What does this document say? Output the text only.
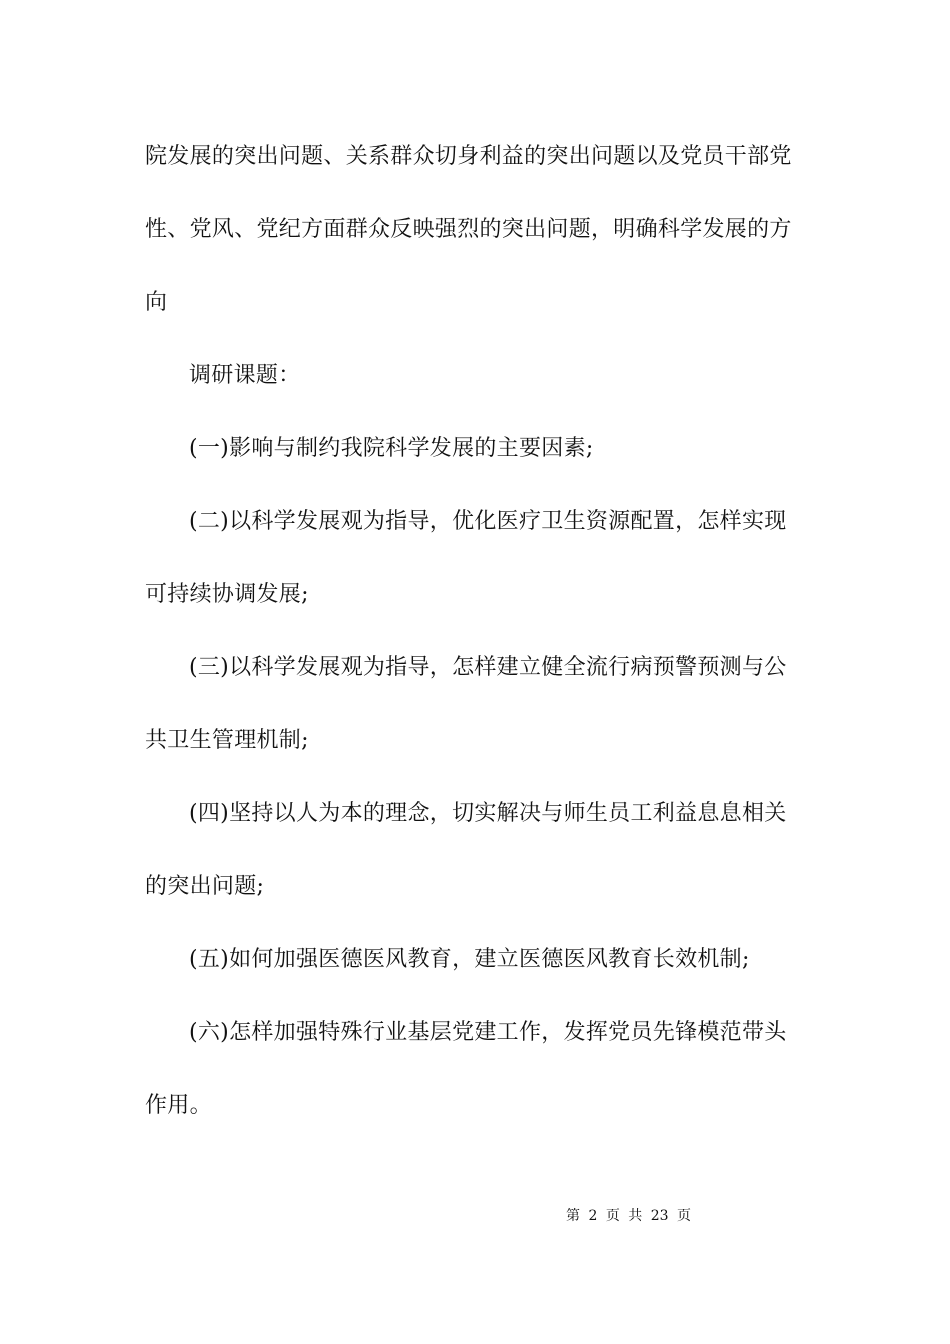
院发展的突出问题、关系群众切身利益的突出问题以及党员干部党
性、党风、党纪方面群众反映强烈的突出问题，明确科学发展的方
向
调研课题：
(一)影响与制约我院科学发展的主要因素;
(二)以科学发展观为指导，优化医疗卫生资源配置，怎样实现
可持续协调发展;
(三)以科学发展观为指导，怎样建立健全流行病预警预测与公
共卫生管理机制;
(四)坚持以人为本的理念，切实解决与师生员工利益息息相关
的突出问题;
(五)如何加强医德医风教育，建立医德医风教育长效机制;
(六)怎样加强特殊行业基层党建工作，发挥党员先锋模范带头
作用。
第 2 页 共 23 页
